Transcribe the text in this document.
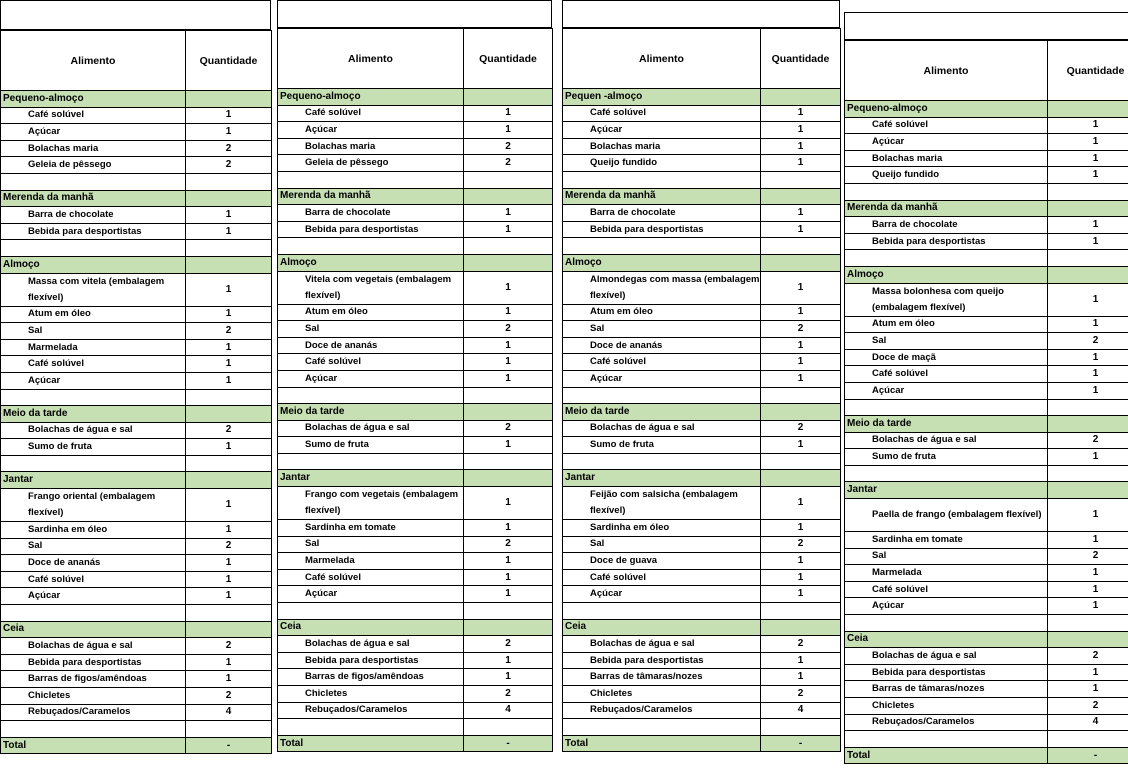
Alimento	Quantidade
Pequeno-almoço	
Café solúvel	1
Açúcar	1
Bolachas maria	2
Geleia de pêssego	2

Merenda da manhã	
Barra de chocolate	1
Bebida para desportistas	1

Almoço	
Massa com vitela (embalagem flexível)	1
Atum em óleo	1
Sal	2
Marmelada	1
Café solúvel	1
Açúcar	1

Meio da tarde	
Bolachas de água e sal	2
Sumo de fruta	1

Jantar	
Frango oriental (embalagem flexível)	1
Sardinha em óleo	1
Sal	2
Doce de ananás	1
Café solúvel	1
Açúcar	1

Ceia	
Bolachas de água e sal	2
Bebida para desportistas	1
Barras de figos/amêndoas	1
Chicletes	2
Rebuçados/Caramelos	4

Total	-
Alimento	Quantidade
Pequeno-almoço	
Café solúvel	1
Açúcar	1
Bolachas maria	2
Geleia de pêssego	2

Merenda da manhã	
Barra de chocolate	1
Bebida para desportistas	1

Almoço	
Vitela com vegetais (embalagem flexível)	1
Atum em óleo	1
Sal	2
Doce de ananás	1
Café solúvel	1
Açúcar	1

Meio da tarde	
Bolachas de água e sal	2
Sumo de fruta	1

Jantar	
Frango com vegetais (embalagem flexível)	1
Sardinha em tomate	1
Sal	2
Marmelada	1
Café solúvel	1
Açúcar	1

Ceia	
Bolachas de água e sal	2
Bebida para desportistas	1
Barras de figos/amêndoas	1
Chicletes	2
Rebuçados/Caramelos	4

Total	-
Alimento	Quantidade
Pequen -almoço	
Café solúvel	1
Açúcar	1
Bolachas maria	1
Queijo fundido	1

Merenda da manhã	
Barra de chocolate	1
Bebida para desportistas	1

Almoço	
Almondegas com massa (embalagem flexível)	1
Atum em óleo	1
Sal	2
Doce de ananás	1
Café solúvel	1
Açúcar	1

Meio da tarde	
Bolachas de água e sal	2
Sumo de fruta	1

Jantar	
Feijão com salsicha (embalagem flexível)	1
Sardinha em óleo	1
Sal	2
Doce de guava	1
Café solúvel	1
Açúcar	1

Ceia	
Bolachas de água e sal	2
Bebida para desportistas	1
Barras de tâmaras/nozes	1
Chicletes	2
Rebuçados/Caramelos	4

Total	-
Alimento	Quantidade
Pequeno-almoço	
Café solúvel	1
Açúcar	1
Bolachas maria	1
Queijo fundido	1

Merenda da manhã	
Barra de chocolate	1
Bebida para desportistas	1

Almoço	
Massa bolonhesa com queijo (embalagem flexível)	1
Atum em óleo	1
Sal	2
Doce de maçã	1
Café solúvel	1
Açúcar	1

Meio da tarde	
Bolachas de água e sal	2
Sumo de fruta	1

Jantar	
Paella de frango (embalagem flexível)	1
Sardinha em tomate	1
Sal	2
Marmelada	1
Café solúvel	1
Açúcar	1

Ceia	
Bolachas de água e sal	2
Bebida para desportistas	1
Barras de tâmaras/nozes	1
Chicletes	2
Rebuçados/Caramelos	4

Total	-
